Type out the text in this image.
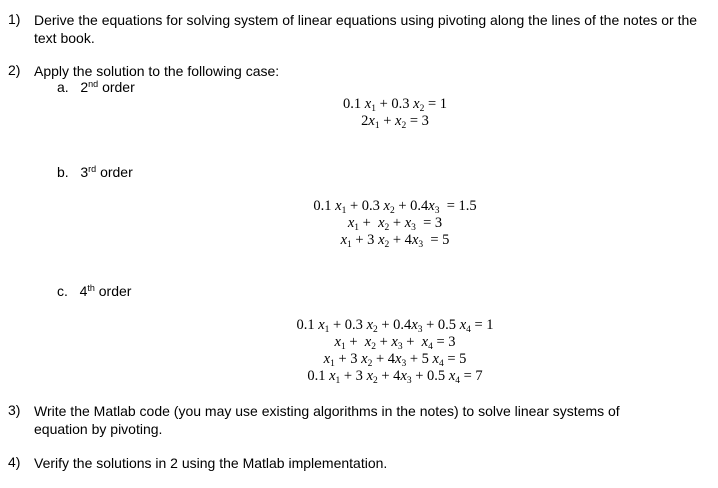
1) Derive the equations for solving system of linear equations using pivoting along the lines of the notes or the text book.
2) Apply the solution to the following case:
a. 2nd order
0.1 $x_1 + 0.3$ $x_2 = 1$
$2x_1 + x_2 = 3$
b. 3rd order
0.1 $x_1 + 0.3$ $x_2 + 0.4x_3 = 1.5$
$x_1 + x_2 + x_3 = 3$
$x_1 + 3$ $x_2 + 4x_3 = 5$
c. 4th order
0.1 $x_1 + 0.3$ $x_2 + 0.4x_3 + 0.5$ $x_4 = 1$
$x_1 + x_2 + x_3 + x_4 = 3$
$x_1 + 3$ $x_2 + 4x_3 + 5$ $x_4 = 5$
0.1 $x_1 + 3$ $x_2 + 4x_3 + 0.5$ $x_4 = 7$
3) Write the Matlab code (you may use existing algorithms in the notes) to solve linear systems of equation by pivoting.
4) Verify the solutions in 2 using the Matlab implementation.
